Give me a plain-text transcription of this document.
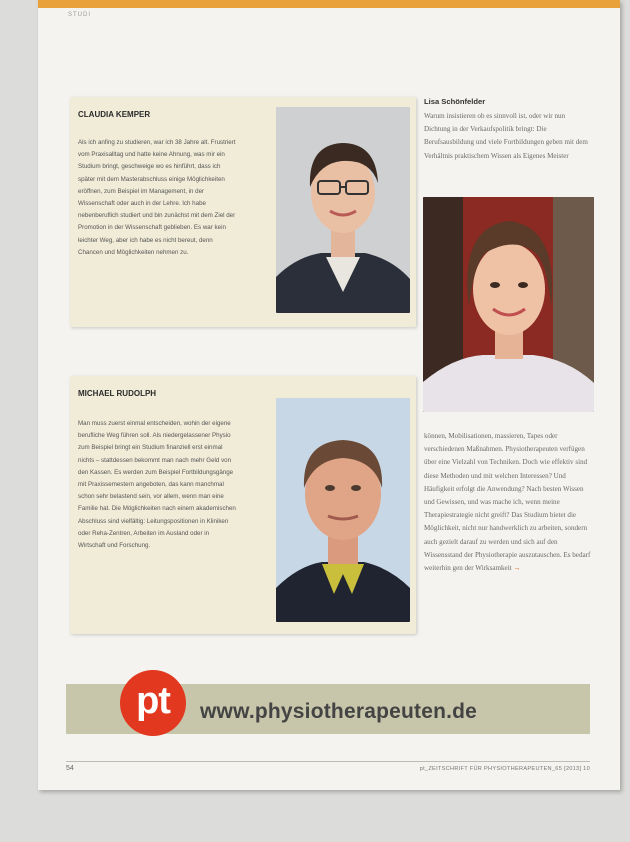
STUDI
CLAUDIA KEMPER
Als ich anfing zu studieren, war ich 38 Jahre alt. Frustriert vom Praxisalltag und hatte keine Ahnung, was mir ein Studium bringt, geschweige wo es hinführt, dass ich später mit dem Masterabschluss einige Möglichkeiten eröffnen, zum Beispiel im Management, in der Wissenschaft oder auch in der Lehre. Ich habe nebenberuflich studiert und bin zunächst mit dem Ziel der Promotion in der Wissenschaft geblieben. Es war kein leichter Weg, aber ich habe es nicht bereut, denn Chancen und Möglichkeiten nehmen zu.
MICHAEL RUDOLPH
Man muss zuerst einmal entscheiden, wohin der eigene berufliche Weg führen soll. Als niedergelassener Physio zum Beispiel bringt ein Studium finanziell erst einmal nichts – stattdessen bekommt man nach mehr Geld von den Kassen. Es werden zum Beispiel Fortbildungsgänge mit Praxissemestern angeboten, das kann manchmal schon sehr belastend sein, vor allem, wenn man eine Familie hat. Die Möglichkeiten nach einem akademischen Abschluss sind vielfältig: Leitungspositionen in Kliniken oder Reha-Zentren, Arbeiten im Ausland oder in Wirtschaft und Forschung.
Lisa Schönfelder
Warum insistieren ob es sinnvoll ist, oder wir nun Dichtung in der Verkaufspolitik bringt: Die Berufsausbildung und viele Fortbildungen geben mit dem Verhältnis praktischem Wissen als Eigenes Meister
können, Mobilisationen, massieren, Tapes oder verschiedenen Maßnahmen. Physiotherapeuten verfügen über eine Vielzahl von Techniken. Doch wie effektiv sind diese Methoden und mit welchen Interessen? Und Häufigkeit erfolgt die Anwendung? Nach besten Wissen und Gewissen, und was mache ich, wenn meine Therapiestrategie nicht greift? Das Studium bietet die Möglichkeit, nicht nur handwerklich zu arbeiten, sondern auch gezielt darauf zu werden und sich auf den Wissensstand der Physiotherapie auszutauschen. Es bedarf weiterhin gen der Wirksamkeit →
pt	www.physiotherapeuten.de
54	pt_ZEITSCHRIFT FÜR PHYSIOTHERAPEUTEN_65 [2013] 10
